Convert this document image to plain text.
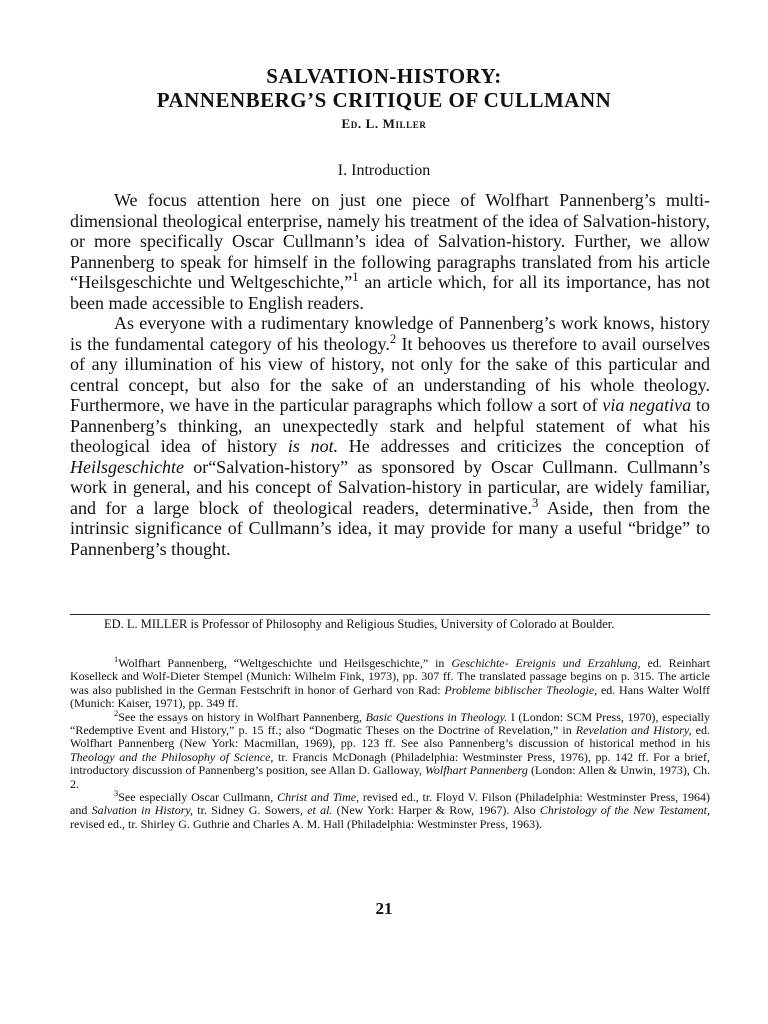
SALVATION-HISTORY:
PANNENBERG’S CRITIQUE OF CULLMANN
Ed. L. Miller
I. Introduction

We focus attention here on just one piece of Wolfhart Pannenberg’s multi-dimensional theological enterprise, namely his treatment of the idea of Salvation-history, or more specifically Oscar Cullmann’s idea of Salvation-history. Further, we allow Pannenberg to speak for himself in the following paragraphs translated from his article “Heilsgeschichte und Weltgeschichte,”$^1$ an article which, for all its importance, has not been made accessible to English readers.

As everyone with a rudimentary knowledge of Pannenberg’s work knows, history is the fundamental category of his theology.$^2$ It behooves us therefore to avail ourselves of any illumination of his view of history, not only for the sake of this particular and central concept, but also for the sake of an understanding of his whole theology. Furthermore, we have in the particular paragraphs which follow a sort of via negativa to Pannenberg’s thinking, an unexpectedly stark and helpful statement of what his theological idea of history is not. He addresses and criticizes the conception of Heilsgeschichte or“Salvation-history” as sponsored by Oscar Cullmann. Cullmann’s work in general, and his concept of Salvation-history in particular, are widely familiar, and for a large block of theological readers, determinative.$^3$ Aside, then from the intrinsic significance of Cullmann’s idea, it may provide for many a useful “bridge” to Pannenberg’s thought.

ED. L. MILLER is Professor of Philosophy and Religious Studies, University of Colorado at Boulder.

$^1$Wolfhart Pannenberg, “Weltgeschichte und Heilsgeschichte,” in Geschichte- Ereignis und Erzahlung, ed. Reinhart Koselleck and Wolf-Dieter Stempel (Munich: Wilhelm Fink, 1973), pp. 307 ff. The translated passage begins on p. 315. The article was also published in the German Festschrift in honor of Gerhard von Rad: Probleme biblischer Theologie, ed. Hans Walter Wolff (Munich: Kaiser, 1971), pp. 349 ff.

$^2$See the essays on history in Wolfhart Pannenberg, Basic Questions in Theology. I (London: SCM Press, 1970), especially “Redemptive Event and History,” p. 15 ff.; also “Dogmatic Theses on the Doctrine of Revelation,” in Revelation and History, ed. Wolfhart Pannenberg (New York: Macmillan, 1969), pp. 123 ff. See also Pannenberg’s discussion of historical method in his Theology and the Philosophy of Science, tr. Francis McDonagh (Philadelphia: Westminster Press, 1976), pp. 142 ff. For a brief, introductory discussion of Pannenberg’s position, see Allan D. Galloway, Wolfhart Pannenberg (London: Allen & Unwin, 1973), Ch. 2.

$^3$See especially Oscar Cullmann, Christ and Time, revised ed., tr. Floyd V. Filson (Philadelphia: Westminster Press, 1964) and Salvation in History, tr. Sidney G. Sowers, et al. (New York: Harper & Row, 1967). Also Christology of the New Testament, revised ed., tr. Shirley G. Guthrie and Charles A. M. Hall (Philadelphia: Westminster Press, 1963).

21
